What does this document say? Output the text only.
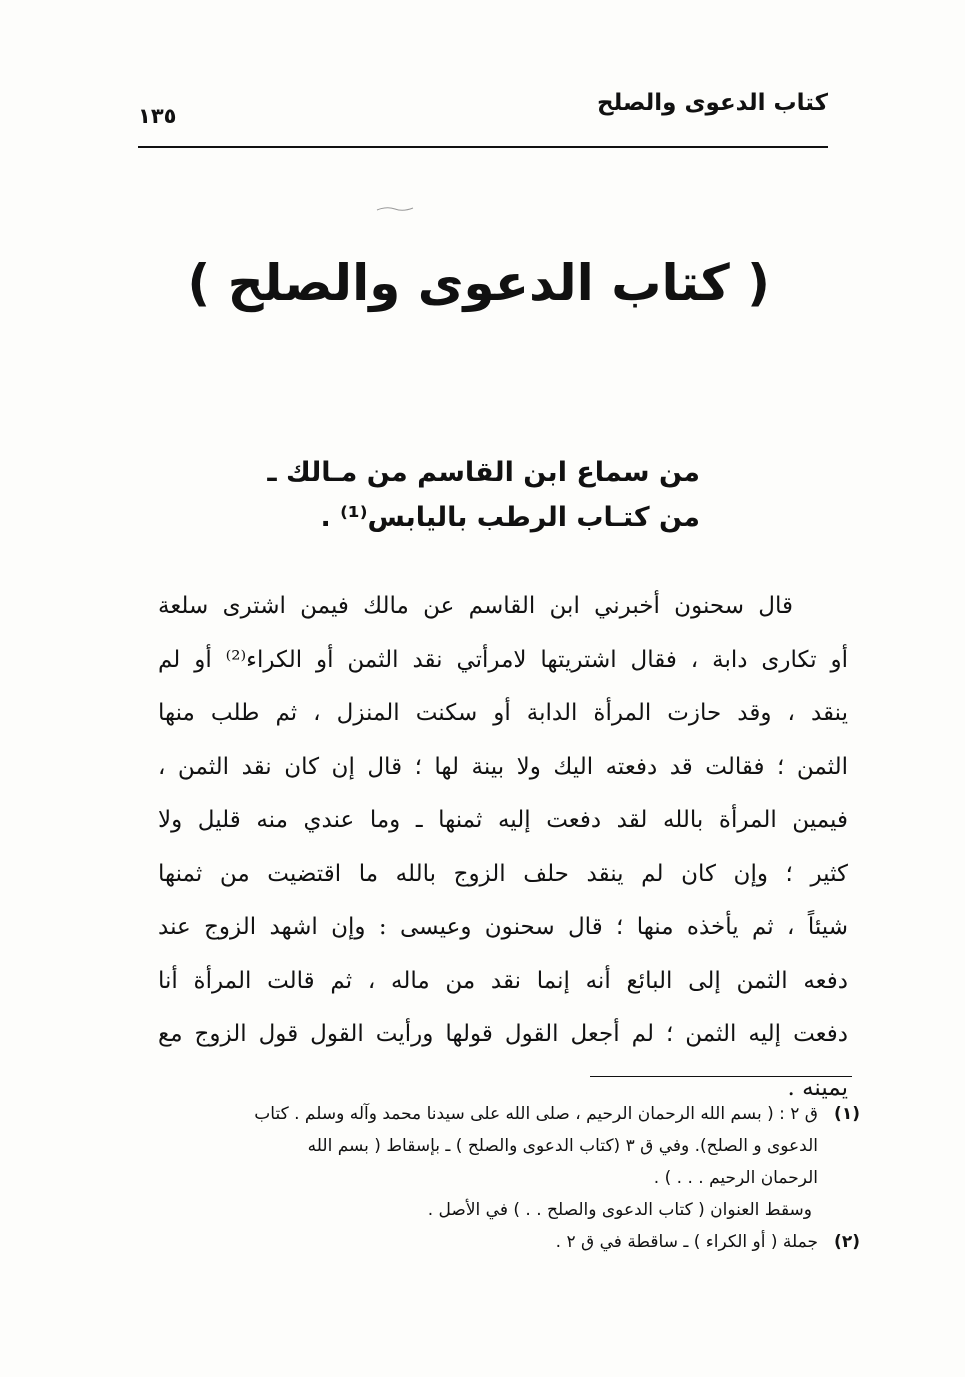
كتاب الدعوى والصلح
١٣٥
( كتاب الدعوى والصلح )
من سماع ابن القاسم من مـالك ـ
من كتـاب الرطب باليابس⁽¹⁾ .
قال سحنون أخبرني ابن القاسم عن مالك فيمن اشترى سلعة
أو تكارى دابة ، فقال اشتريتها لامرأتي نقد الثمن أو الكراء⁽²⁾ أو لم
ينقد ، وقد حازت المرأة الدابة أو سكنت المنزل ، ثم طلب منها
الثمن ؛ فقالت قد دفعته اليك ولا بينة لها ؛ قال إن كان نقد الثمن ،
فيمين المرأة بالله لقد دفعت إليه ثمنها ـ وما عندي منه قليل ولا
كثير ؛ وإن كان لم ينقد حلف الزوج بالله ما اقتضيت من ثمنها
شيئاً ، ثم يأخذه منها ؛ قال سحنون وعيسى : وإن اشهد الزوج عند
دفعه الثمن إلى البائع أنه إنما نقد من ماله ، ثم قالت المرأة أنا
دفعت إليه الثمن ؛ لم أجعل القول قولها ورأيت القول قول الزوج مع
يمينه .
(١)ق ٢ : ( بسم الله الرحمان الرحيم ، صلى الله على سيدنا محمد وآله وسلم . كتاب
الدعوى و الصلح). وفي ق ٣ (كتاب الدعوى والصلح ) ـ بإسقاط ( بسم الله
الرحمان الرحيم . . . ) .
وسقط العنوان ( كتاب الدعوى والصلح . . ) في الأصل .
(٢)جملة ( أو الكراء ) ـ ساقطة في ق ٢ .
